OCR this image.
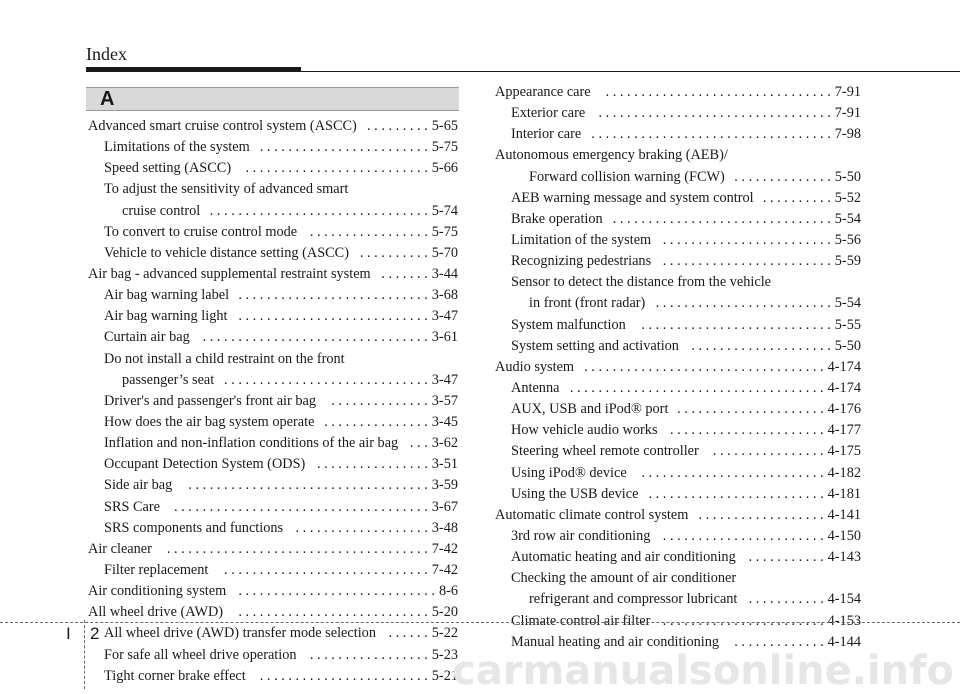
Index
A
Advanced smart cruise control system (ASCC)	5-65
. . . . . . . . .
Limitations of the system	5-75
. . . . . . . . . . . . . . . . . . . . . . . .
Speed setting (ASCC)	5-66
. . . . . . . . . . . . . . . . . . . . . . . . . .
To adjust the sensitivity of advanced smart
cruise control	5-74
. . . . . . . . . . . . . . . . . . . . . . . . . . . . . . .
To convert to cruise control mode	5-75
. . . . . . . . . . . . . . . . .
Vehicle to vehicle distance setting (ASCC)	5-70
. . . . . . . . . .
Air bag - advanced supplemental restraint system	3-44
. . . . . . .
Air bag warning label	3-68
. . . . . . . . . . . . . . . . . . . . . . . . . . .
Air bag warning light	3-47
. . . . . . . . . . . . . . . . . . . . . . . . . . .
Curtain air bag	3-61
. . . . . . . . . . . . . . . . . . . . . . . . . . . . . . . .
Do not install a child restraint on the front
passenger’s seat	3-47
. . . . . . . . . . . . . . . . . . . . . . . . . . . . .
Driver's and passenger's front air bag	3-57
. . . . . . . . . . . . . .
How does the air bag system operate	3-45
. . . . . . . . . . . . . . .
Inflation and non-inflation conditions of the air bag 3-62
. . .
Occupant Detection System (ODS)	3-51
. . . . . . . . . . . . . . . .
Side air bag	3-59
. . . . . . . . . . . . . . . . . . . . . . . . . . . . . . . . . .
SRS Care	3-67
. . . . . . . . . . . . . . . . . . . . . . . . . . . . . . . . . . . .
SRS components and functions	3-48
. . . . . . . . . . . . . . . . . . .
Air cleaner	7-42
. . . . . . . . . . . . . . . . . . . . . . . . . . . . . . . . . . . . .
Filter replacement	7-42
. . . . . . . . . . . . . . . . . . . . . . . . . . . . .
Air conditioning system	8-6
. . . . . . . . . . . . . . . . . . . . . . . . . . . .
All wheel drive (AWD)	5-20
. . . . . . . . . . . . . . . . . . . . . . . . . . .
All wheel drive (AWD) transfer mode selection	5-22
. . . . . .
For safe all wheel drive operation	5-23
. . . . . . . . . . . . . . . . .
Tight corner brake effect	5-21
. . . . . . . . . . . . . . . . . . . . . . . .
Appearance care	7-91
. . . . . . . . . . . . . . . . . . . . . . . . . . . . . . . .
Exterior care	7-91
. . . . . . . . . . . . . . . . . . . . . . . . . . . . . . . . .
Interior care	7-98
. . . . . . . . . . . . . . . . . . . . . . . . . . . . . . . . . .
Autonomous emergency braking (AEB)/
Forward collision warning (FCW)	5-50
. . . . . . . . . . . . . .
AEB warning message and system control	5-52
. . . . . . . . . .
Brake operation	5-54
. . . . . . . . . . . . . . . . . . . . . . . . . . . . . . .
Limitation of the system	5-56
. . . . . . . . . . . . . . . . . . . . . . . .
Recognizing pedestrians	5-59
. . . . . . . . . . . . . . . . . . . . . . . .
Sensor to detect the distance from the vehicle
in front (front radar)	5-54
. . . . . . . . . . . . . . . . . . . . . . . . .
System malfunction	5-55
. . . . . . . . . . . . . . . . . . . . . . . . . . .
System setting and activation	5-50
. . . . . . . . . . . . . . . . . . . .
Audio system	4-174
. . . . . . . . . . . . . . . . . . . . . . . . . . . . . . . . . .
Antenna	4-174
. . . . . . . . . . . . . . . . . . . . . . . . . . . . . . . . . . . .
AUX, USB and iPod® port	4-176
. . . . . . . . . . . . . . . . . . . . .
How vehicle audio works	4-177
. . . . . . . . . . . . . . . . . . . . . .
Steering wheel remote controller	4-175
. . . . . . . . . . . . . . . .
Using iPod® device	4-182
. . . . . . . . . . . . . . . . . . . . . . . . . .
Using the USB device	4-181
. . . . . . . . . . . . . . . . . . . . . . . . .
Automatic climate control system	4-141
. . . . . . . . . . . . . . . . . .
3rd row air conditioning	4-150
. . . . . . . . . . . . . . . . . . . . . . .
Automatic heating and air conditioning	4-143
. . . . . . . . . . .
Checking the amount of air conditioner
refrigerant and compressor lubricant	4-154
. . . . . . . . . . .
Climate control air filter	4-153
. . . . . . . . . . . . . . . . . . . . . . .
Manual heating and air conditioning	4-144
. . . . . . . . . . . . .
I 2
carmanualsonline.info
